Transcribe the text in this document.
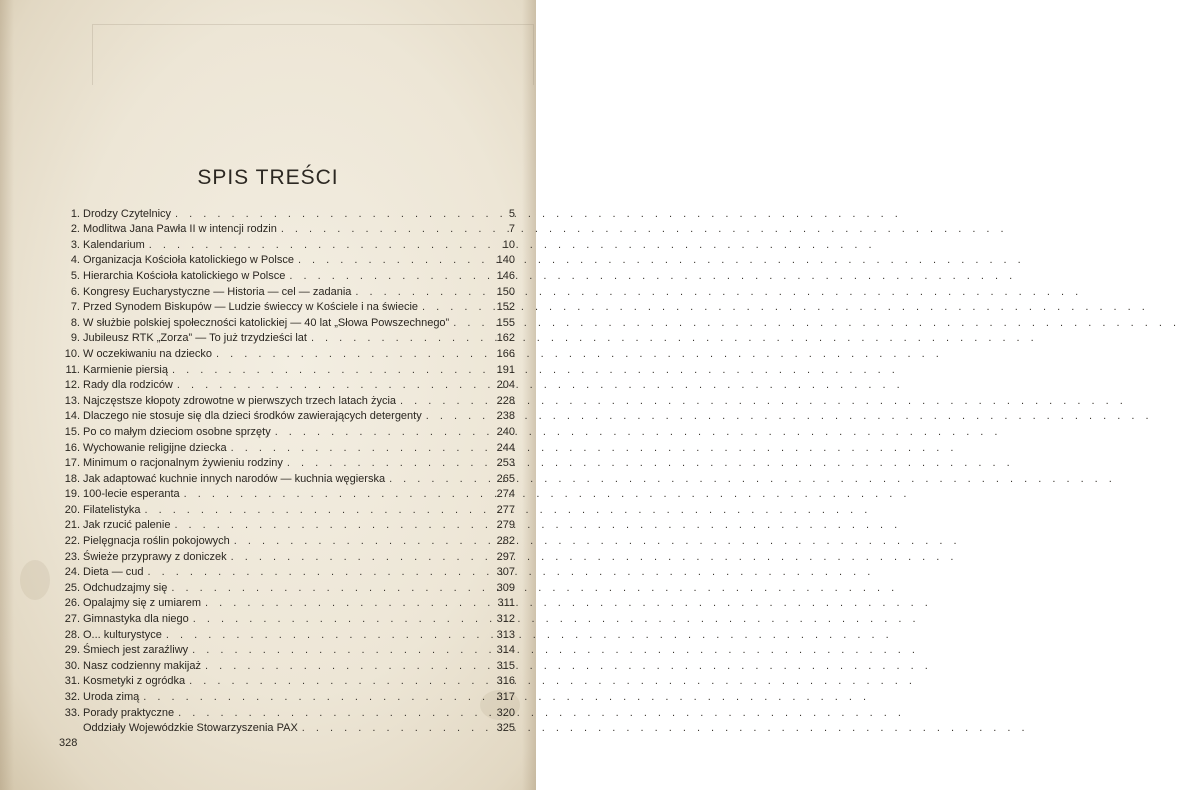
SPIS TREŚCI
1. Drodzy Czytelnicy . . .	5
2. Modlitwa Jana Pawła II w intencji rodzin . . .	7
3. Kalendarium . . .	10
4. Organizacja Kościoła katolickiego w Polsce . . .	140
5. Hierarchia Kościoła katolickiego w Polsce . . .	146
6. Kongresy Eucharystyczne — Historia — cel — zadania . . .	150
7. Przed Synodem Biskupów — Ludzie świeccy w Kościele i na świecie . . .	152
8. W służbie polskiej społeczności katolickiej — 40 lat „Słowa Powszechnego” . . .	155
9. Jubileusz RTK „Zorza” — To już trzydzieści lat . . .	162
10. W oczekiwaniu na dziecko . . .	166
11. Karmienie piersią . . .	191
12. Rady dla rodziców . . .	204
13. Najczęstsze kłopoty zdrowotne w pierwszych trzech latach życia . . .	228
14. Dlaczego nie stosuje się dla dzieci środków zawierających detergenty . . .	238
15. Po co małym dzieciom osobne sprzęty . . .	240
16. Wychowanie religijne dziecka . . .	244
17. Minimum o racjonalnym żywieniu rodziny . . .	253
18. Jak adaptować kuchnie innych narodów — kuchnia węgierska . . .	265
19. 100-lecie esperanta . . .	274
20. Filatelistyka . . .	277
21. Jak rzucić palenie . . .	279
22. Pielęgnacja roślin pokojowych . . .	282
23. Świeże przyprawy z doniczek . . .	297
24. Dieta — cud . . .	307
25. Odchudzajmy się . . .	309
26. Opalajmy się z umiarem . . .	311
27. Gimnastyka dla niego . . .	312
28. O... kulturystyce . . .	313
29. Śmiech jest zaraźliwy . . .	314
30. Nasz codzienny makijaż . . .	315
31. Kosmetyki z ogródka . . .	316
32. Uroda zimą . . .	317
33. Porady praktyczne . . .	320
Oddziały Wojewódzkie Stowarzyszenia PAX . . .	325
328
